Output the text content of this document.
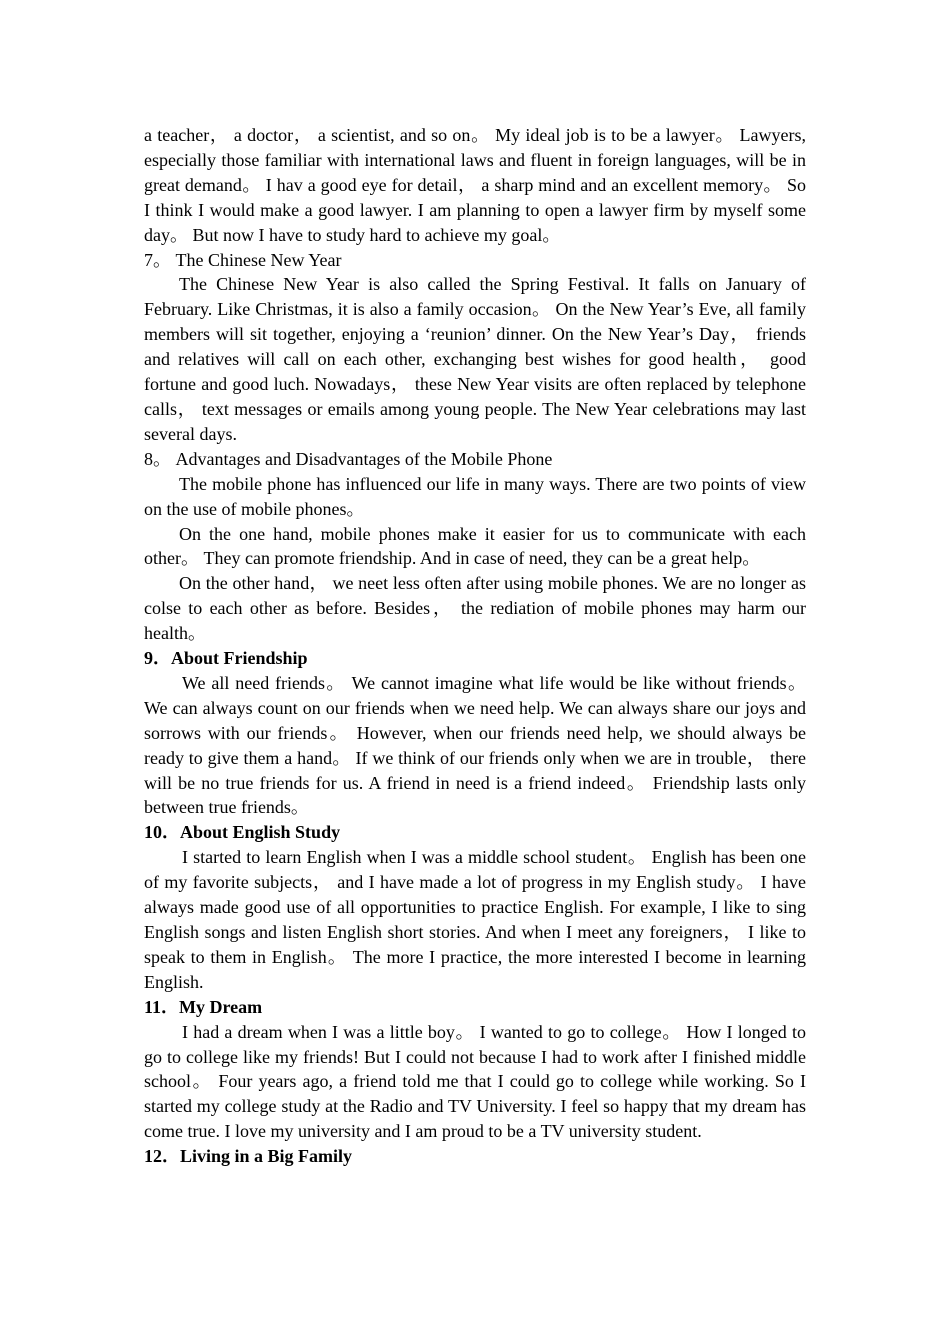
a teacher， a doctor， a scientist, and so on。 My ideal job is to be a lawyer。 Lawyers, especially those familiar with international laws and fluent in foreign languages, will be in great demand。 I hav a good eye for detail， a sharp mind and an excellent memory。 So I think I would make a good lawyer. I am planning to open a lawyer firm by myself some day。 But now I have to study hard to achieve my goal。

7。 The Chinese New Year

The Chinese New Year is also called the Spring Festival. It falls on January of February. Like Christmas, it is also a family occasion。 On the New Year’s Eve, all family members will sit together, enjoying a ‘reunion’ dinner. On the New Year’s Day， friends and relatives will call on each other, exchanging best wishes for good health， good fortune and good luch. Nowadays， these New Year visits are often replaced by telephone calls， text messages or emails among young people. The New Year celebrations may last several days.

8。 Advantages and Disadvantages of the Mobile Phone

The mobile phone has influenced our life in many ways. There are two points of view on the use of mobile phones。

On the one hand, mobile phones make it easier for us to communicate with each other。 They can promote friendship. And in case of need, they can be a great help。

On the other hand， we neet less often after using mobile phones. We are no longer as colse to each other as before. Besides， the rediation of mobile phones may harm our health。

9．About Friendship

We all need friends。 We cannot imagine what life would be like without friends。 We can always count on our friends when we need help. We can always share our joys and sorrows with our friends。 However, when our friends need help, we should always be ready to give them a hand。 If we think of our friends only when we are in trouble， there will be no true friends for us. A friend in need is a friend indeed。 Friendship lasts only between true friends。

10．About English Study

I started to learn English when I was a middle school student。 English has been one of my favorite subjects， and I have made a lot of progress in my English study。 I have always made good use of all opportunities to practice English. For example, I like to sing English songs and listen English short stories. And when I meet any foreigners， I like to speak to them in English。 The more I practice, the more interested I become in learning English.

11．My Dream

I had a dream when I was a little boy。 I wanted to go to college。 How I longed to go to college like my friends! But I could not because I had to work after I finished middle school。 Four years ago, a friend told me that I could go to college while working. So I started my college study at the Radio and TV University. I feel so happy that my dream has come true. I love my university and I am proud to be a TV university student.

12．Living in a Big Family
